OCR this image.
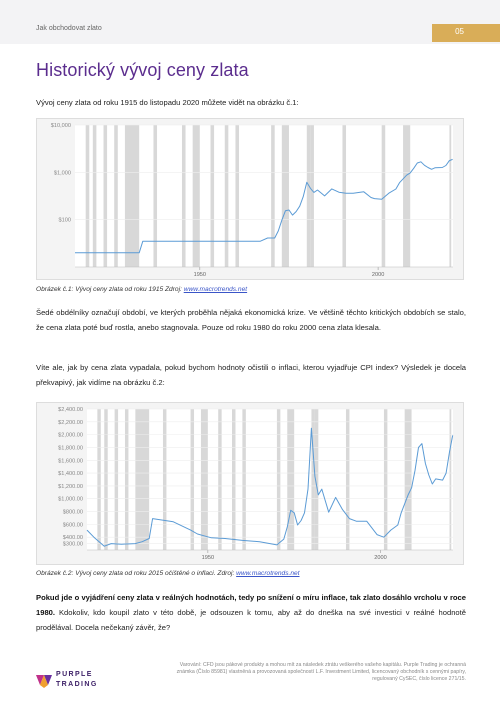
Jak obchodovat zlato	05
Historický vývoj ceny zlata

Vývoj ceny zlata od roku 1915 do listopadu 2020 můžete vidět na obrázku č.1:

$10,000
$1,000
$100
1950	2000
Obrázek č.1: Vývoj ceny zlata od roku 1915 Zdroj: www.macrotrends.net

Šedé obdélníky označují období, ve kterých proběhla nějaká ekonomická krize. Ve většině těchto kritických obdobích se stalo, že cena zlata poté buď rostla, anebo stagnovala. Pouze od roku 1980 do roku 2000 cena zlata klesala.

Víte ale, jak by cena zlata vypadala, pokud bychom hodnoty očistili o inflaci, kterou vyjadřuje CPI index? Výsledek je docela překvapivý, jak vidíme na obrázku č.2:

$2,400.00
$2,200.00
$2,000.00
$1,800.00
$1,600.00
$1,400.00
$1,200.00
$1,000.00
$800.00
$600.00
$400.00
$300.00
1950	2000
Obrázek č.2: Vývoj ceny zlata od roku 2015 očištěné o inflaci. Zdroj: www.macrotrends.net

Pokud jde o vyjádření ceny zlata v reálných hodnotách, tedy po snížení o míru inflace, tak zlato dosáhlo vrcholu v roce 1980. Kdokoliv, kdo koupil zlato v této době, je odsouzen k tomu, aby až do dneška na své investici v reálné hodnotě prodělával. Docela nečekaný závěr, že?

PURPLE
TRADING
Varování: CFD jsou pákové produkty a mohou mít za následek ztrátu veškerého vašeho kapitálu. Purple Trading je ochranná známka (Číslo 85981) vlastněná a provozovaná společností L.F. Investment Limited, licencovaný obchodník s cennými papíry, regulovaný CySEC, číslo licence 271/15.
